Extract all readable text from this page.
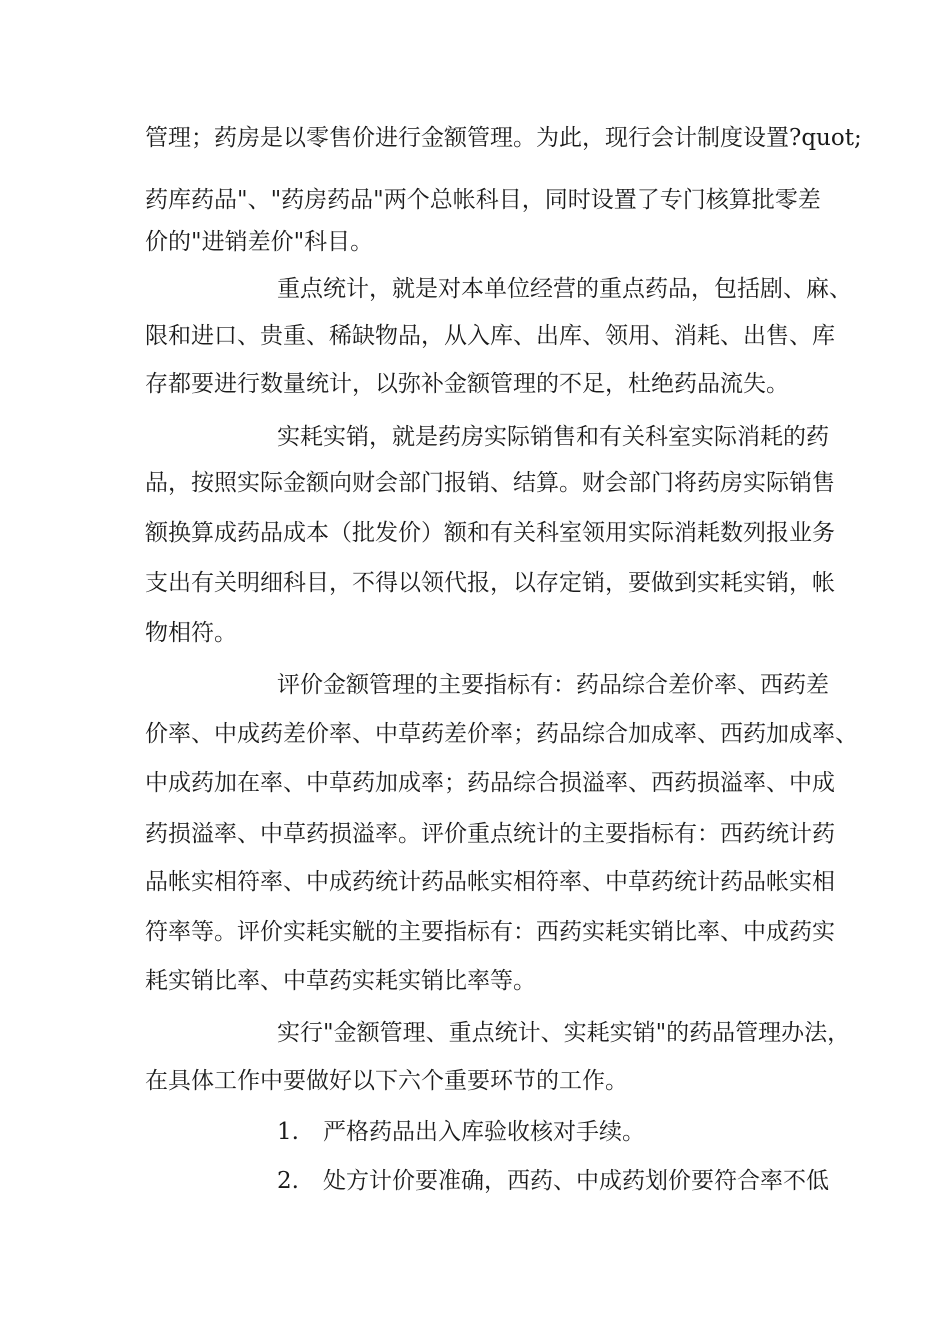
管理；药房是以零售价进行金额管理。为此，现行会计制度设置?quot;
药库药品"、"药房药品"两个总帐科目，同时设置了专门核算批零差
价的"进销差价"科目。
重点统计，就是对本单位经营的重点药品，包括剧、麻、
限和进口、贵重、稀缺物品，从入库、出库、领用、消耗、出售、库
存都要进行数量统计，以弥补金额管理的不足，杜绝药品流失。
实耗实销，就是药房实际销售和有关科室实际消耗的药
品，按照实际金额向财会部门报销、结算。财会部门将药房实际销售
额换算成药品成本（批发价）额和有关科室领用实际消耗数列报业务
支出有关明细科目，不得以领代报，以存定销，要做到实耗实销，帐
物相符。
评价金额管理的主要指标有：药品综合差价率、西药差
价率、中成药差价率、中草药差价率；药品综合加成率、西药加成率、
中成药加在率、中草药加成率；药品综合损溢率、西药损溢率、中成
药损溢率、中草药损溢率。评价重点统计的主要指标有：西药统计药
品帐实相符率、中成药统计药品帐实相符率、中草药统计药品帐实相
符率等。评价实耗实觥的主要指标有：西药实耗实销比率、中成药实
耗实销比率、中草药实耗实销比率等。
实行"金额管理、重点统计、实耗实销"的药品管理办法，
在具体工作中要做好以下六个重要环节的工作。
1. 严格药品出入库验收核对手续。
2. 处方计价要准确，西药、中成药划价要符合率不低
